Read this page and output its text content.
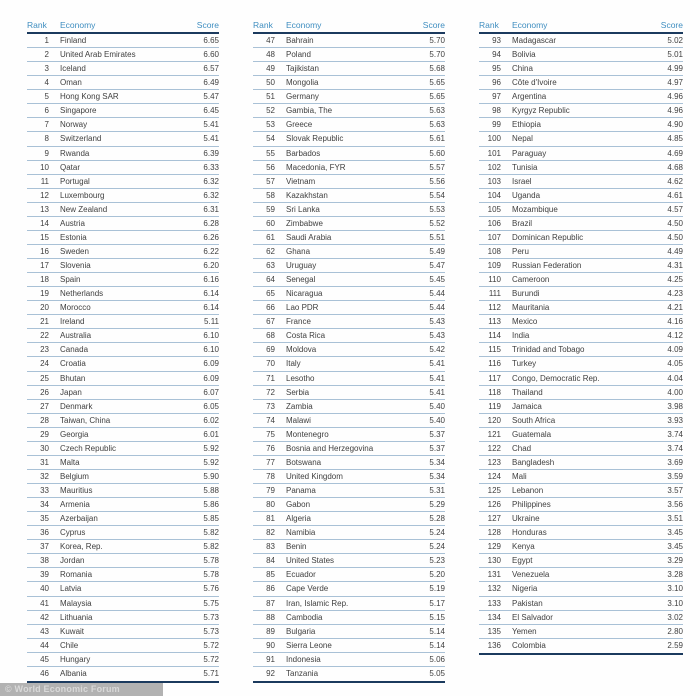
Rank Economy	Score
1 Finland	6.65
2 United Arab Emirates	6.60
3 Iceland	6.57
4 Oman	6.49
5 Hong Kong SAR	5.47
6 Singapore	6.45
7 Norway	5.41
8 Switzerland	5.41
9 Rwanda	6.39
10 Qatar	6.33
11 Portugal	6.32
12 Luxembourg	6.32
13 New Zealand	6.31
14 Austria	6.28
15 Estonia	6.26
16 Sweden	6.22
17 Slovenia	6.20
18 Spain	6.16
19 Netherlands	6.14
20 Morocco	6.14
21 Ireland	5.11
22 Australia	6.10
23 Canada	6.10
24 Croatia	6.09
25 Bhutan	6.09
26 Japan	6.07
27 Denmark	6.05
28 Taiwan, China	6.02
29 Georgia	6.01
30 Czech Republic	5.92
31 Malta	5.92
32 Belgium	5.90
33 Mauritius	5.88
34 Armenia	5.86
35 Azerbaijan	5.85
36 Cyprus	5.82
37 Korea, Rep.	5.82
38 Jordan	5.78
39 Romania	5.78
40 Latvia	5.76
41 Malaysia	5.75
42 Lithuania	5.73
43 Kuwait	5.73
44 Chile	5.72
45 Hungary	5.72
46 Albania	5.71
Rank Economy	Score
47 Bahrain	5.70
48 Poland	5.70
49 Tajikistan	5.68
50 Mongolia	5.65
51 Germany	5.65
52 Gambia, The	5.63
53 Greece	5.63
54 Slovak Republic	5.61
55 Barbados	5.60
56 Macedonia, FYR	5.57
57 Vietnam	5.56
58 Kazakhstan	5.54
59 Sri Lanka	5.53
60 Zimbabwe	5.52
61 Saudi Arabia	5.51
62 Ghana	5.49
63 Uruguay	5.47
64 Senegal	5.45
65 Nicaragua	5.44
66 Lao PDR	5.44
67 France	5.43
68 Costa Rica	5.43
69 Moldova	5.42
70 Italy	5.41
71 Lesotho	5.41
72 Serbia	5.41
73 Zambia	5.40
74 Malawi	5.40
75 Montenegro	5.37
76 Bosnia and Herzegovina	5.37
77 Botswana	5.34
78 United Kingdom	5.34
79 Panama	5.31
80 Gabon	5.29
81 Algeria	5.28
82 Namibia	5.24
83 Benin	5.24
84 United States	5.23
85 Ecuador	5.20
86 Cape Verde	5.19
87 Iran, Islamic Rep.	5.17
88 Cambodia	5.15
89 Bulgaria	5.14
90 Sierra Leone	5.14
91 Indonesia	5.06
92 Tanzania	5.05
Rank Economy	Score
93 Madagascar	5.02
94 Bolivia	5.01
95 China	4.99
96 Côte d'Ivoire	4.97
97 Argentina	4.96
98 Kyrgyz Republic	4.96
99 Ethiopia	4.90
100 Nepal	4.85
101 Paraguay	4.69
102 Tunisia	4.68
103 Israel	4.62
104 Uganda	4.61
105 Mozambique	4.57
106 Brazil	4.50
107 Dominican Republic	4.50
108 Peru	4.49
109 Russian Federation	4.31
110 Cameroon	4.25
111 Burundi	4.23
112 Mauritania	4.21
113 Mexico	4.16
114 India	4.12
115 Trinidad and Tobago	4.09
116 Turkey	4.05
117 Congo, Democratic Rep.	4.04
118 Thailand	4.00
119 Jamaica	3.98
120 South Africa	3.93
121 Guatemala	3.74
122 Chad	3.74
123 Bangladesh	3.69
124 Mali	3.59
125 Lebanon	3.57
126 Philippines	3.56
127 Ukraine	3.51
128 Honduras	3.45
129 Kenya	3.45
130 Egypt	3.29
131 Venezuela	3.28
132 Nigeria	3.10
133 Pakistan	3.10
134 El Salvador	3.02
135 Yemen	2.80
136 Colombia	2.59
© World Economic Forum
